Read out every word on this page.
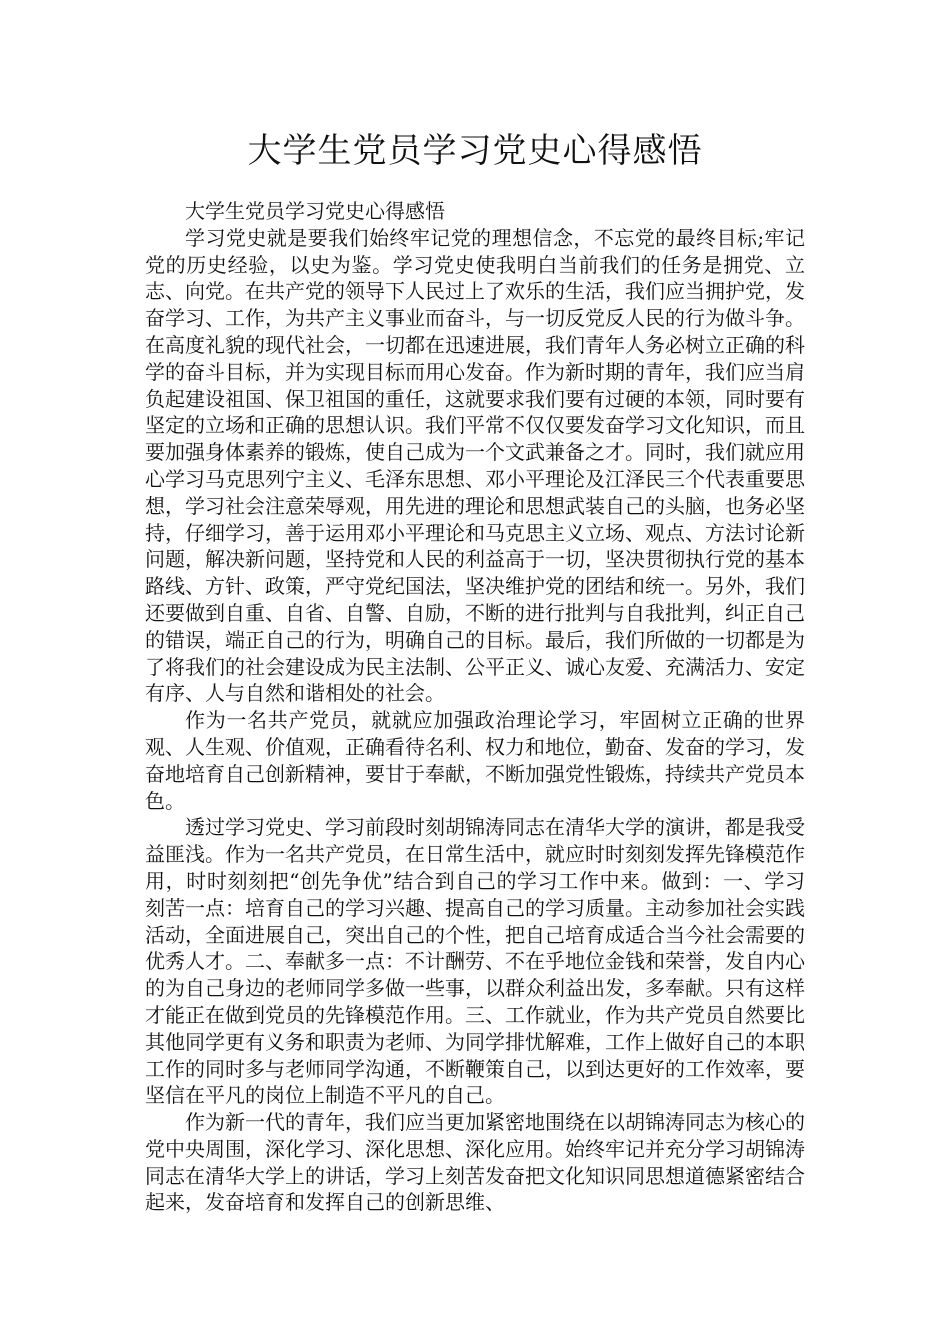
大学生党员学习党史心得感悟

大学生党员学习党史心得感悟

学习党史就是要我们始终牢记党的理想信念，不忘党的最终目标;牢记党的历史经验，以史为鉴。学习党史使我明白当前我们的任务是拥党、立志、向党。在共产党的领导下人民过上了欢乐的生活，我们应当拥护党，发奋学习、工作，为共产主义事业而奋斗，与一切反党反人民的行为做斗争。在高度礼貌的现代社会，一切都在迅速进展，我们青年人务必树立正确的科学的奋斗目标，并为实现目标而用心发奋。作为新时期的青年，我们应当肩负起建设祖国、保卫祖国的重任，这就要求我们要有过硬的本领，同时要有坚定的立场和正确的思想认识。我们平常不仅仅要发奋学习文化知识，而且要加强身体素养的锻炼，使自己成为一个文武兼备之才。同时，我们就应用心学习马克思列宁主义、毛泽东思想、邓小平理论及江泽民三个代表重要思想，学习社会注意荣辱观，用先进的理论和思想武装自己的头脑，也务必坚持，仔细学习，善于运用邓小平理论和马克思主义立场、观点、方法讨论新问题，解决新问题，坚持党和人民的利益高于一切，坚决贯彻执行党的基本路线、方针、政策，严守党纪国法，坚决维护党的团结和统一。另外，我们还要做到自重、自省、自警、自励，不断的进行批判与自我批判，纠正自己的错误，端正自己的行为，明确自己的目标。最后，我们所做的一切都是为了将我们的社会建设成为民主法制、公平正义、诚心友爱、充满活力、安定有序、人与自然和谐相处的社会。

作为一名共产党员，就就应加强政治理论学习，牢固树立正确的世界观、人生观、价值观，正确看待名利、权力和地位，勤奋、发奋的学习，发奋地培育自己创新精神，要甘于奉献，不断加强党性锻炼，持续共产党员本色。

透过学习党史、学习前段时刻胡锦涛同志在清华大学的演讲，都是我受益匪浅。作为一名共产党员，在日常生活中，就应时时刻刻发挥先锋模范作用，时时刻刻把“创先争优”结合到自己的学习工作中来。做到：一、学习刻苦一点：培育自己的学习兴趣、提高自己的学习质量。主动参加社会实践活动，全面进展自己，突出自己的个性，把自己培育成适合当今社会需要的优秀人才。二、奉献多一点：不计酬劳、不在乎地位金钱和荣誉，发自内心的为自己身边的老师同学多做一些事，以群众利益出发，多奉献。只有这样才能正在做到党员的先锋模范作用。三、工作就业，作为共产党员自然要比其他同学更有义务和职责为老师、为同学排忧解难，工作上做好自己的本职工作的同时多与老师同学沟通，不断鞭策自己，以到达更好的工作效率，要坚信在平凡的岗位上制造不平凡的自己。

作为新一代的青年，我们应当更加紧密地围绕在以胡锦涛同志为核心的党中央周围，深化学习、深化思想、深化应用。始终牢记并充分学习胡锦涛同志在清华大学上的讲话，学习上刻苦发奋把文化知识同思想道德紧密结合起来，发奋培育和发挥自己的创新思维、
